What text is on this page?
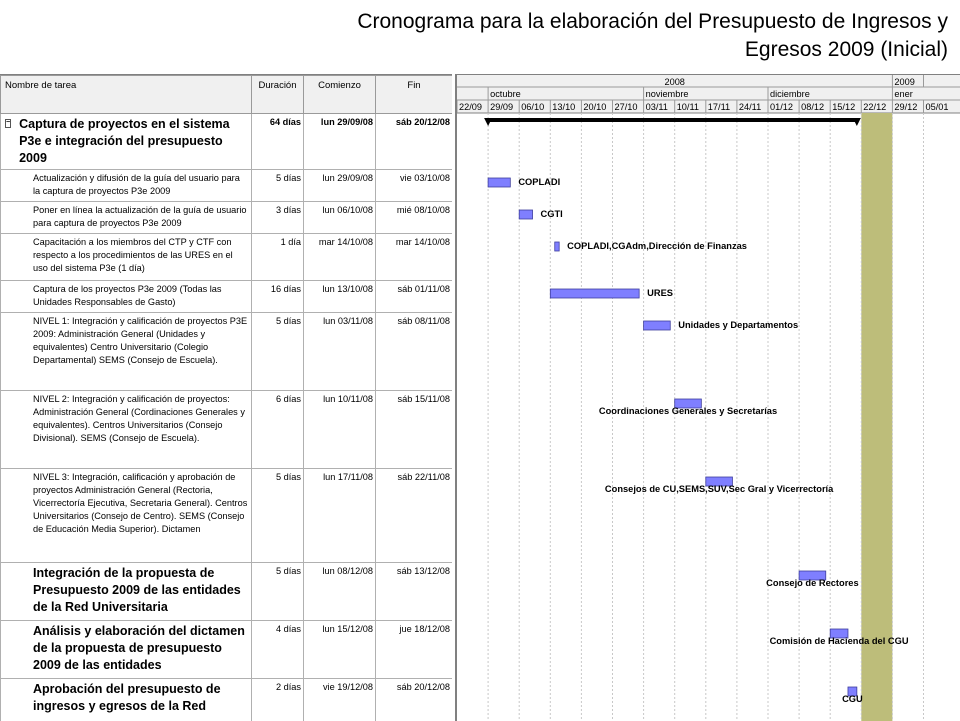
Cronograma para la elaboración del Presupuesto de Ingresos y
Egresos 2009 (Inicial)
	Nombre de tarea	Duración	Comienzo	Fin

	− Captura de proyectos en el sistema P3e e integración del presupuesto 2009	64 días	lun 29/09/08	sáb 20/12/08
	Actualización y difusión de la guía del usuario para la captura de proyectos P3e 2009	5 días	lun 29/09/08	vie 03/10/08
	Poner en línea la actualización de la guía de usuario para captura de proyectos P3e 2009	3 días	lun 06/10/08	mié 08/10/08
	Capacitación a los miembros del CTP y CTF con respecto a los procedimientos de las URES en el uso del sistema P3e (1 día)	1 día	mar 14/10/08	mar 14/10/08
	Captura de los proyectos P3e 2009 (Todas las Unidades Responsables de Gasto)	16 días	lun 13/10/08	sáb 01/11/08
	NIVEL 1: Integración y calificación de proyectos P3E 2009: Administración General (Unidades y equivalentes) Centro Universitario (Colegio Departamental) SEMS (Consejo de Escuela).	5 días	lun 03/11/08	sáb 08/11/08
	NIVEL 2: Integración y calificación de proyectos: Administración General (Cordinaciones Generales y equivalentes). Centros Universitarios (Consejo Divisional). SEMS (Consejo de Escuela).	6 días	lun 10/11/08	sáb 15/11/08
	NIVEL 3: Integración, calificación y aprobación de proyectos Administración General (Rectoria, Vicerrectoría Ejecutiva, Secretaria General). Centros Universitarios (Consejo de Centro). SEMS (Consejo de Educación Media Superior). Dictamen	5 días	lun 17/11/08	sáb 22/11/08
	Integración de la propuesta de Presupuesto 2009 de las entidades de la Red Universitaria	5 días	lun 08/12/08	sáb 13/12/08
	Análisis y elaboración del dictamen de la propuesta de presupuesto 2009 de las entidades	4 días	lun 15/12/08	jue 18/12/08
	Aprobación del presupuesto de ingresos y egresos de la Red	2 días	vie 19/12/08	sáb 20/12/08
22/09 29/09 06/10 13/10 20/10 27/10 03/11 10/11 17/11 24/11 01/12 08/12 15/12 22/12 29/12 05/01
octubre	noviembre	diciembre	ener
2008	2009
COPLADI
CGTI
COPLADI,CGAdm,Dirección de Finanzas
URES
Unidades y Departamentos
Coordinaciones Generales y Secretarías
Consejos de CU,SEMS,SUV,Sec Gral y Vicerrectoría
Consejo de Rectores
Comisión de Hacienda del CGU
CGU
